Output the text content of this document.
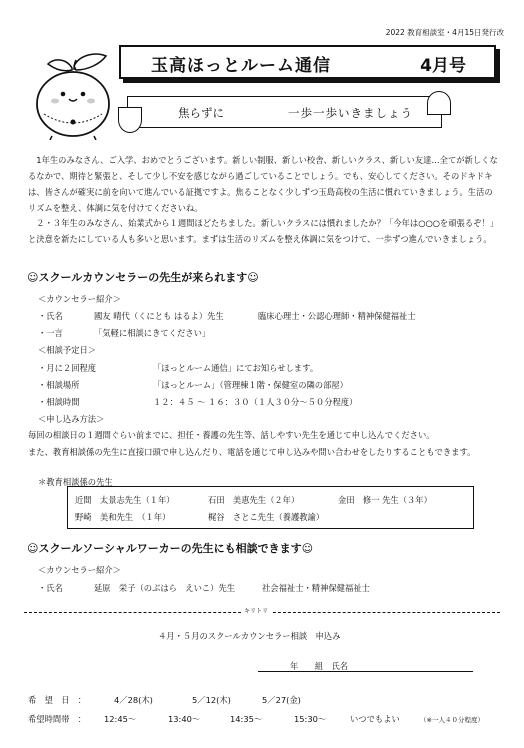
2022 教育相談室・4月15日発行改
玉高ほっとルーム通信	4月号
焦らずに	一歩一歩いきましょう

　1年生のみなさん、ご入学、おめでとうございます。新しい制服、新しい校舎、新しいクラス、新しい友達…全てが新しくなるなかで、期待と緊張と、そして少し不安を感じながら過ごしていることでしょう。でも、安心してください。そのドキドキは、皆さんが確実に前を向いて進んでいる証拠ですよ。焦ることなく少しずつ玉島高校の生活に慣れていきましょう。生活のリズムを整え、体調に気を付けてくださいね。

　２・３年生のみなさん、始業式から１週間ほどたちました。新しいクラスには慣れましたか？「今年は○○○を頑張るぞ！」と決意を新たにしている人も多いと思います。まずは生活のリズムを整え体調に気をつけて、一歩ずつ進んでいきましょう。

☺スクールカウンセラーの先生が来られます☺
＜カウンセラー紹介＞
・氏名	國友 晴代（くにとも はるよ）先生	臨床心理士・公認心理師・精神保健福祉士
・一言	「気軽に相談にきてください」
＜相談予定日＞
・月に２回程度	「ほっとルーム通信」にてお知らせします。
・相談場所	「ほっとルーム」（管理棟１階・保健室の隣の部屋）
・相談時間	１２：４５ ～ １６：３０（１人３０分～５０分程度）
＜申し込み方法＞

毎回の相談日の１週間ぐらい前までに、担任・養護の先生等、話しやすい先生を通じて申し込んでください。

また、教育相談係の先生に直接口頭で申し込んだり、電話を通じて申し込みや問い合わせをしたりすることもできます。

＊教育相談係の先生
近間　太景志先生（１年）	石田　美恵先生（２年）	金田　修一 先生（３年）
野崎　美和先生　（１年）	梶谷　さとこ先生（養護教諭）
☺スクールソーシャルワーカーの先生にも相談できます☺
＜カウンセラー紹介＞
・氏名	延原　栄子（のぶはら　えいこ）先生	社会福祉士・精神保健福祉士
キリトリ
４月・５月のスクールカウンセラー相談　申込み
年　　組　氏名
希　望　日　：	4／28(木)	5／12(木)	5／27(金)
希望時間帯　： 12:45～	13:40～	14:35～	15:30～	いつでもよい	（※一人４０分程度）
